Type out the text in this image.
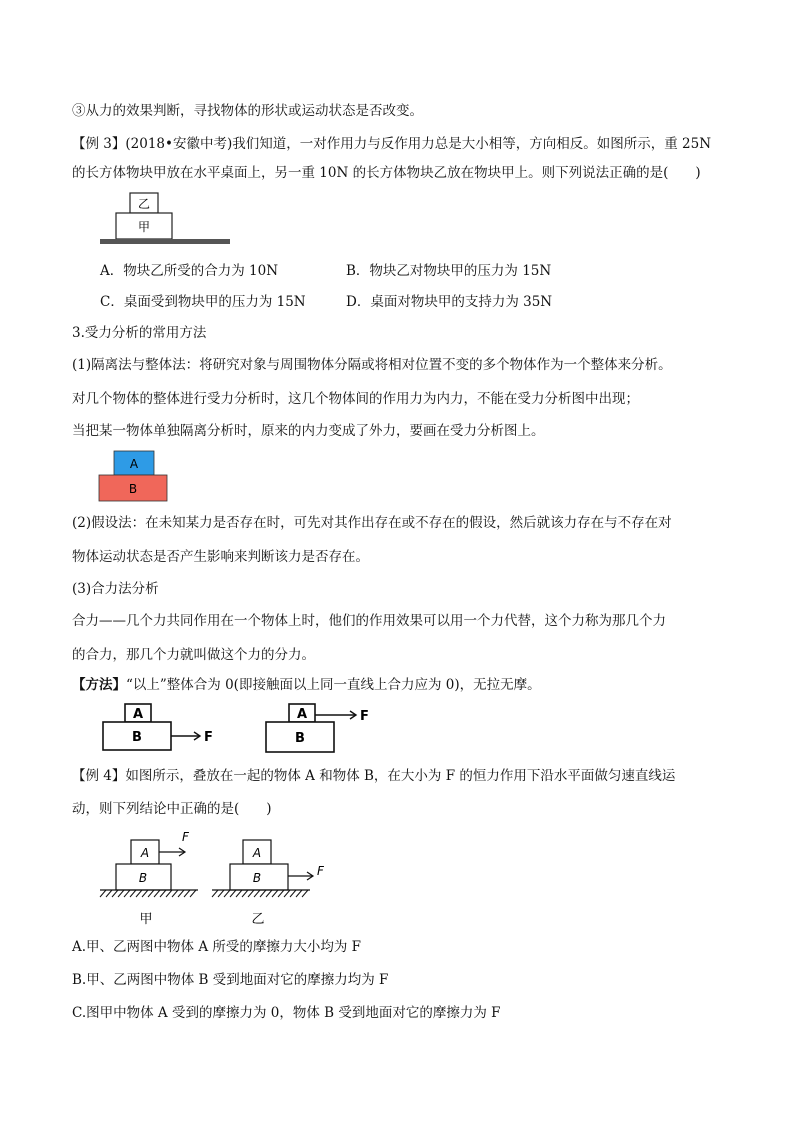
③从力的效果判断，寻找物体的形状或运动状态是否改变。
【例 3】(2018•安徽中考)我们知道，一对作用力与反作用力总是大小相等，方向相反。如图所示，重 25N
的长方体物块甲放在水平桌面上，另一重 10N 的长方体物块乙放在物块甲上。则下列说法正确的是(　　)
乙
甲
A．物块乙所受的合力为 10N	B．物块乙对物块甲的压力为 15N
C．桌面受到物块甲的压力为 15N	D．桌面对物块甲的支持力为 35N
3.受力分析的常用方法
(1)隔离法与整体法：将研究对象与周围物体分隔或将相对位置不变的多个物体作为一个整体来分析。
对几个物体的整体进行受力分析时，这几个物体间的作用力为内力，不能在受力分析图中出现；
当把某一物体单独隔离分析时，原来的内力变成了外力，要画在受力分析图上。
A
B
(2)假设法：在未知某力是否存在时，可先对其作出存在或不存在的假设，然后就该力存在与不存在对
物体运动状态是否产生影响来判断该力是否存在。
(3)合力法分析
合力——几个力共同作用在一个物体上时，他们的作用效果可以用一个力代替，这个力称为那几个力
的合力，那几个力就叫做这个力的分力。
【方法】“以上”整体合为 0(即接触面以上同一直线上合力应为 0)，无拉无摩。
A
B	F
A
B
F
【例 4】如图所示，叠放在一起的物体 A 和物体 B，在大小为 F 的恒力作用下沿水平面做匀速直线运
动，则下列结论中正确的是(　　)
A
B
F
甲
A
B	F
乙
A.甲、乙两图中物体 A 所受的摩擦力大小均为 F
B.甲、乙两图中物体 B 受到地面对它的摩擦力均为 F
C.图甲中物体 A 受到的摩擦力为 0，物体 B 受到地面对它的摩擦力为 F
